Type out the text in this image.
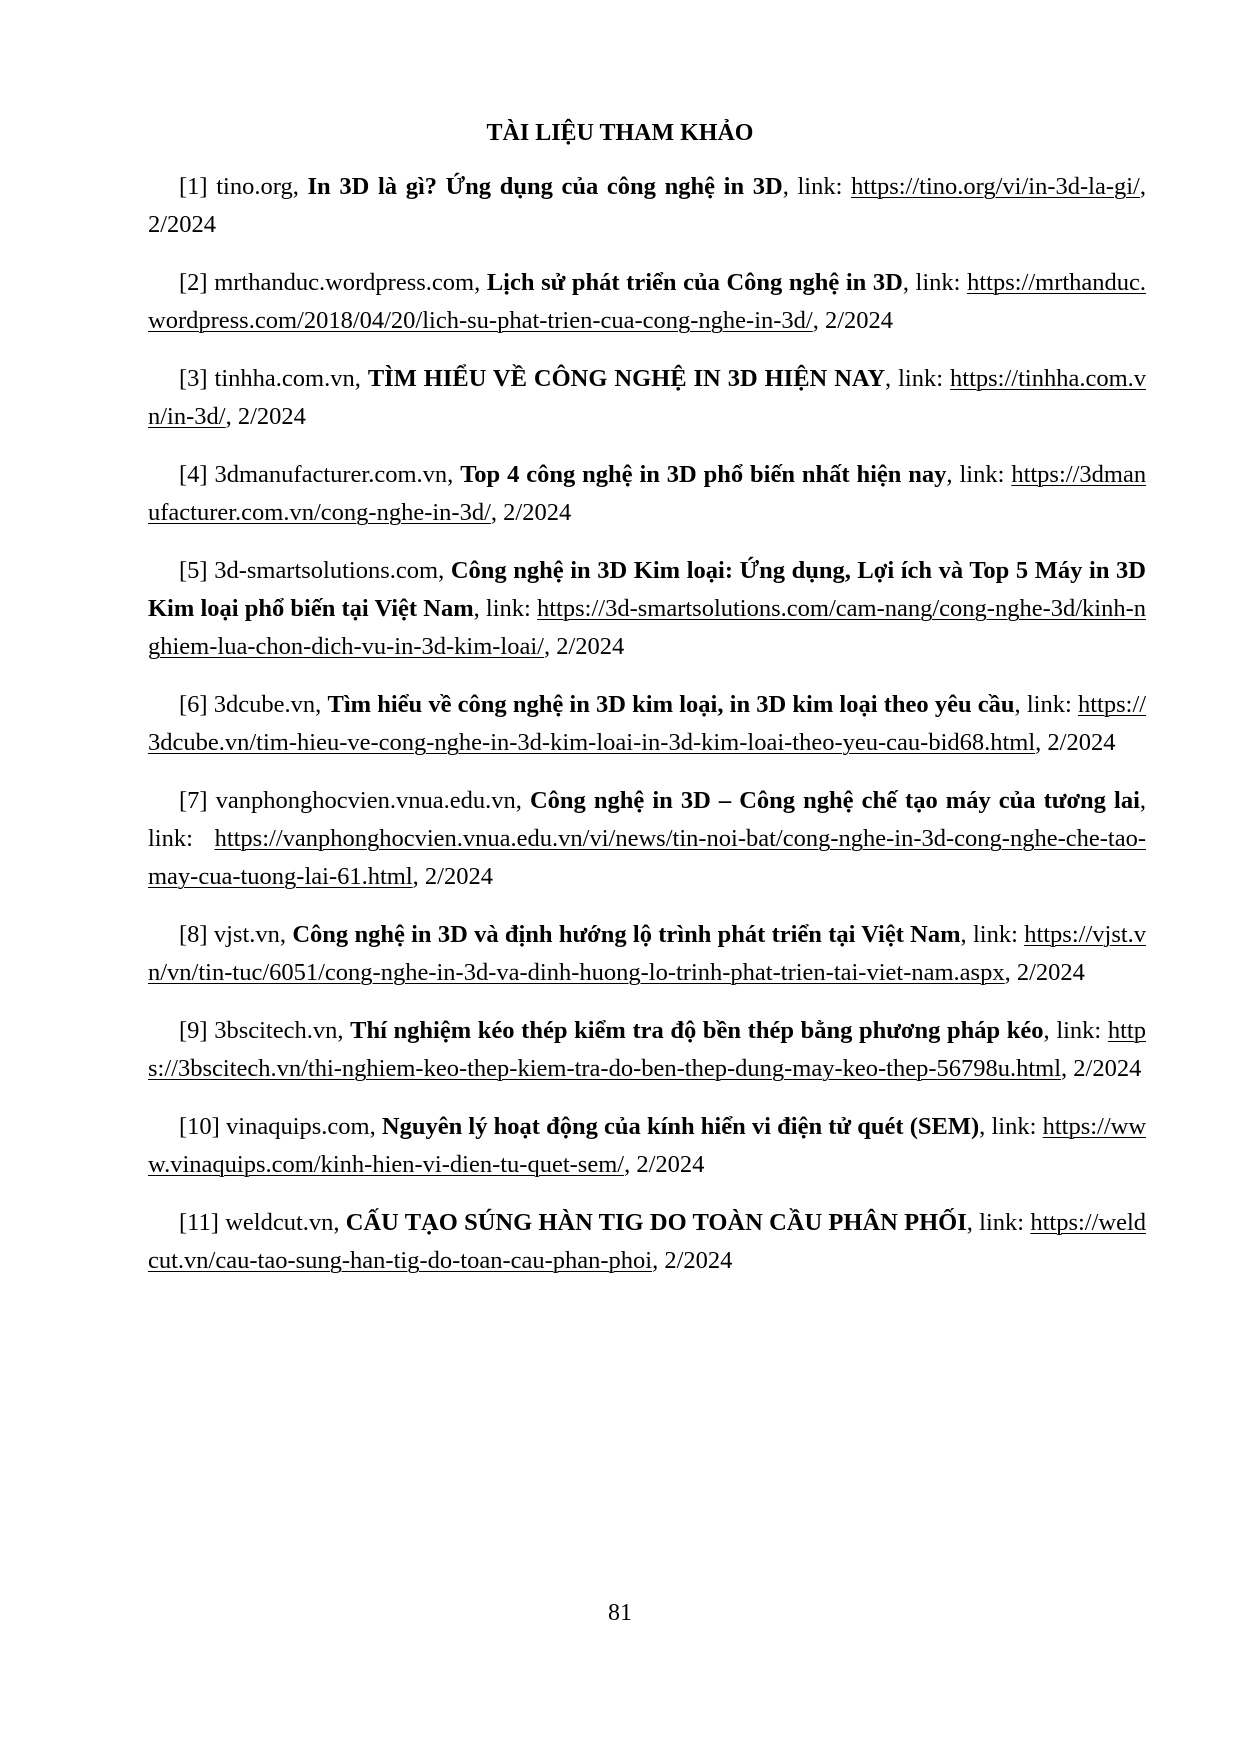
TÀI LIỆU THAM KHẢO

[1] tino.org, In 3D là gì? Ứng dụng của công nghệ in 3D, link: https://tino.org/vi/in-3d-la-gi/, 2/2024

[2] mrthanduc.wordpress.com, Lịch sử phát triển của Công nghệ in 3D, link: https://mrthanduc.wordpress.com/2018/04/20/lich-su-phat-trien-cua-cong-nghe-in-3d/, 2/2024

[3] tinhha.com.vn, TÌM HIỂU VỀ CÔNG NGHỆ IN 3D HIỆN NAY, link: https://tinhha.com.vn/in-3d/, 2/2024

[4] 3dmanufacturer.com.vn, Top 4 công nghệ in 3D phổ biến nhất hiện nay, link: https://3dmanufacturer.com.vn/cong-nghe-in-3d/, 2/2024

[5] 3d-smartsolutions.com, Công nghệ in 3D Kim loại: Ứng dụng, Lợi ích và Top 5 Máy in 3D Kim loại phổ biến tại Việt Nam, link: https://3d-smartsolutions.com/cam-nang/cong-nghe-3d/kinh-nghiem-lua-chon-dich-vu-in-3d-kim-loai/, 2/2024

[6] 3dcube.vn, Tìm hiểu về công nghệ in 3D kim loại, in 3D kim loại theo yêu cầu, link: https://3dcube.vn/tim-hieu-ve-cong-nghe-in-3d-kim-loai-in-3d-kim-loai-theo-yeu-cau-bid68.html, 2/2024

[7] vanphonghocvien.vnua.edu.vn, Công nghệ in 3D – Công nghệ chế tạo máy của tương lai, link: https://vanphonghocvien.vnua.edu.vn/vi/news/tin-noi-bat/cong-nghe-in-3d-cong-nghe-che-tao-may-cua-tuong-lai-61.html, 2/2024

[8] vjst.vn, Công nghệ in 3D và định hướng lộ trình phát triển tại Việt Nam, link: https://vjst.vn/vn/tin-tuc/6051/cong-nghe-in-3d-va-dinh-huong-lo-trinh-phat-trien-tai-viet-nam.aspx, 2/2024

[9] 3bscitech.vn, Thí nghiệm kéo thép kiểm tra độ bền thép bằng phương pháp kéo, link: https://3bscitech.vn/thi-nghiem-keo-thep-kiem-tra-do-ben-thep-dung-may-keo-thep-56798u.html, 2/2024

[10] vinaquips.com, Nguyên lý hoạt động của kính hiển vi điện tử quét (SEM), link: https://www.vinaquips.com/kinh-hien-vi-dien-tu-quet-sem/, 2/2024

[11] weldcut.vn, CẤU TẠO SÚNG HÀN TIG DO TOÀN CẦU PHÂN PHỐI, link: https://weldcut.vn/cau-tao-sung-han-tig-do-toan-cau-phan-phoi, 2/2024

81
